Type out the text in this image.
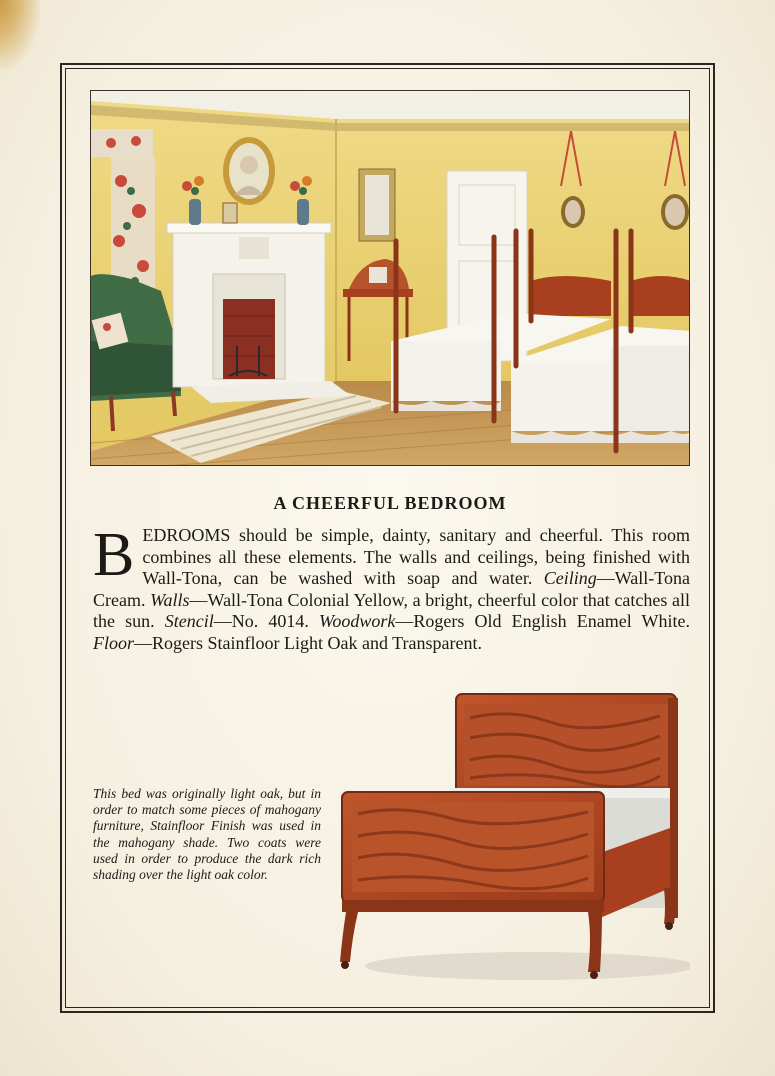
A CHEERFUL BEDROOM
BEDROOMS should be simple, dainty, sanitary and cheerful. This room combines all these elements. The walls and ceilings, being finished with Wall-Tona, can be washed with soap and water. Ceiling—Wall-Tona Cream. Walls—Wall-Tona Colonial Yellow, a bright, cheerful color that catches all the sun. Stencil—No. 4014. Woodwork—Rogers Old English Enamel White. Floor—Rogers Stainfloor Light Oak and Transparent.
This bed was originally light oak, but in order to match some pieces of mahogany furniture, Stainfloor Finish was used in the mahogany shade. Two coats were used in order to produce the dark rich shading over the light oak color.
